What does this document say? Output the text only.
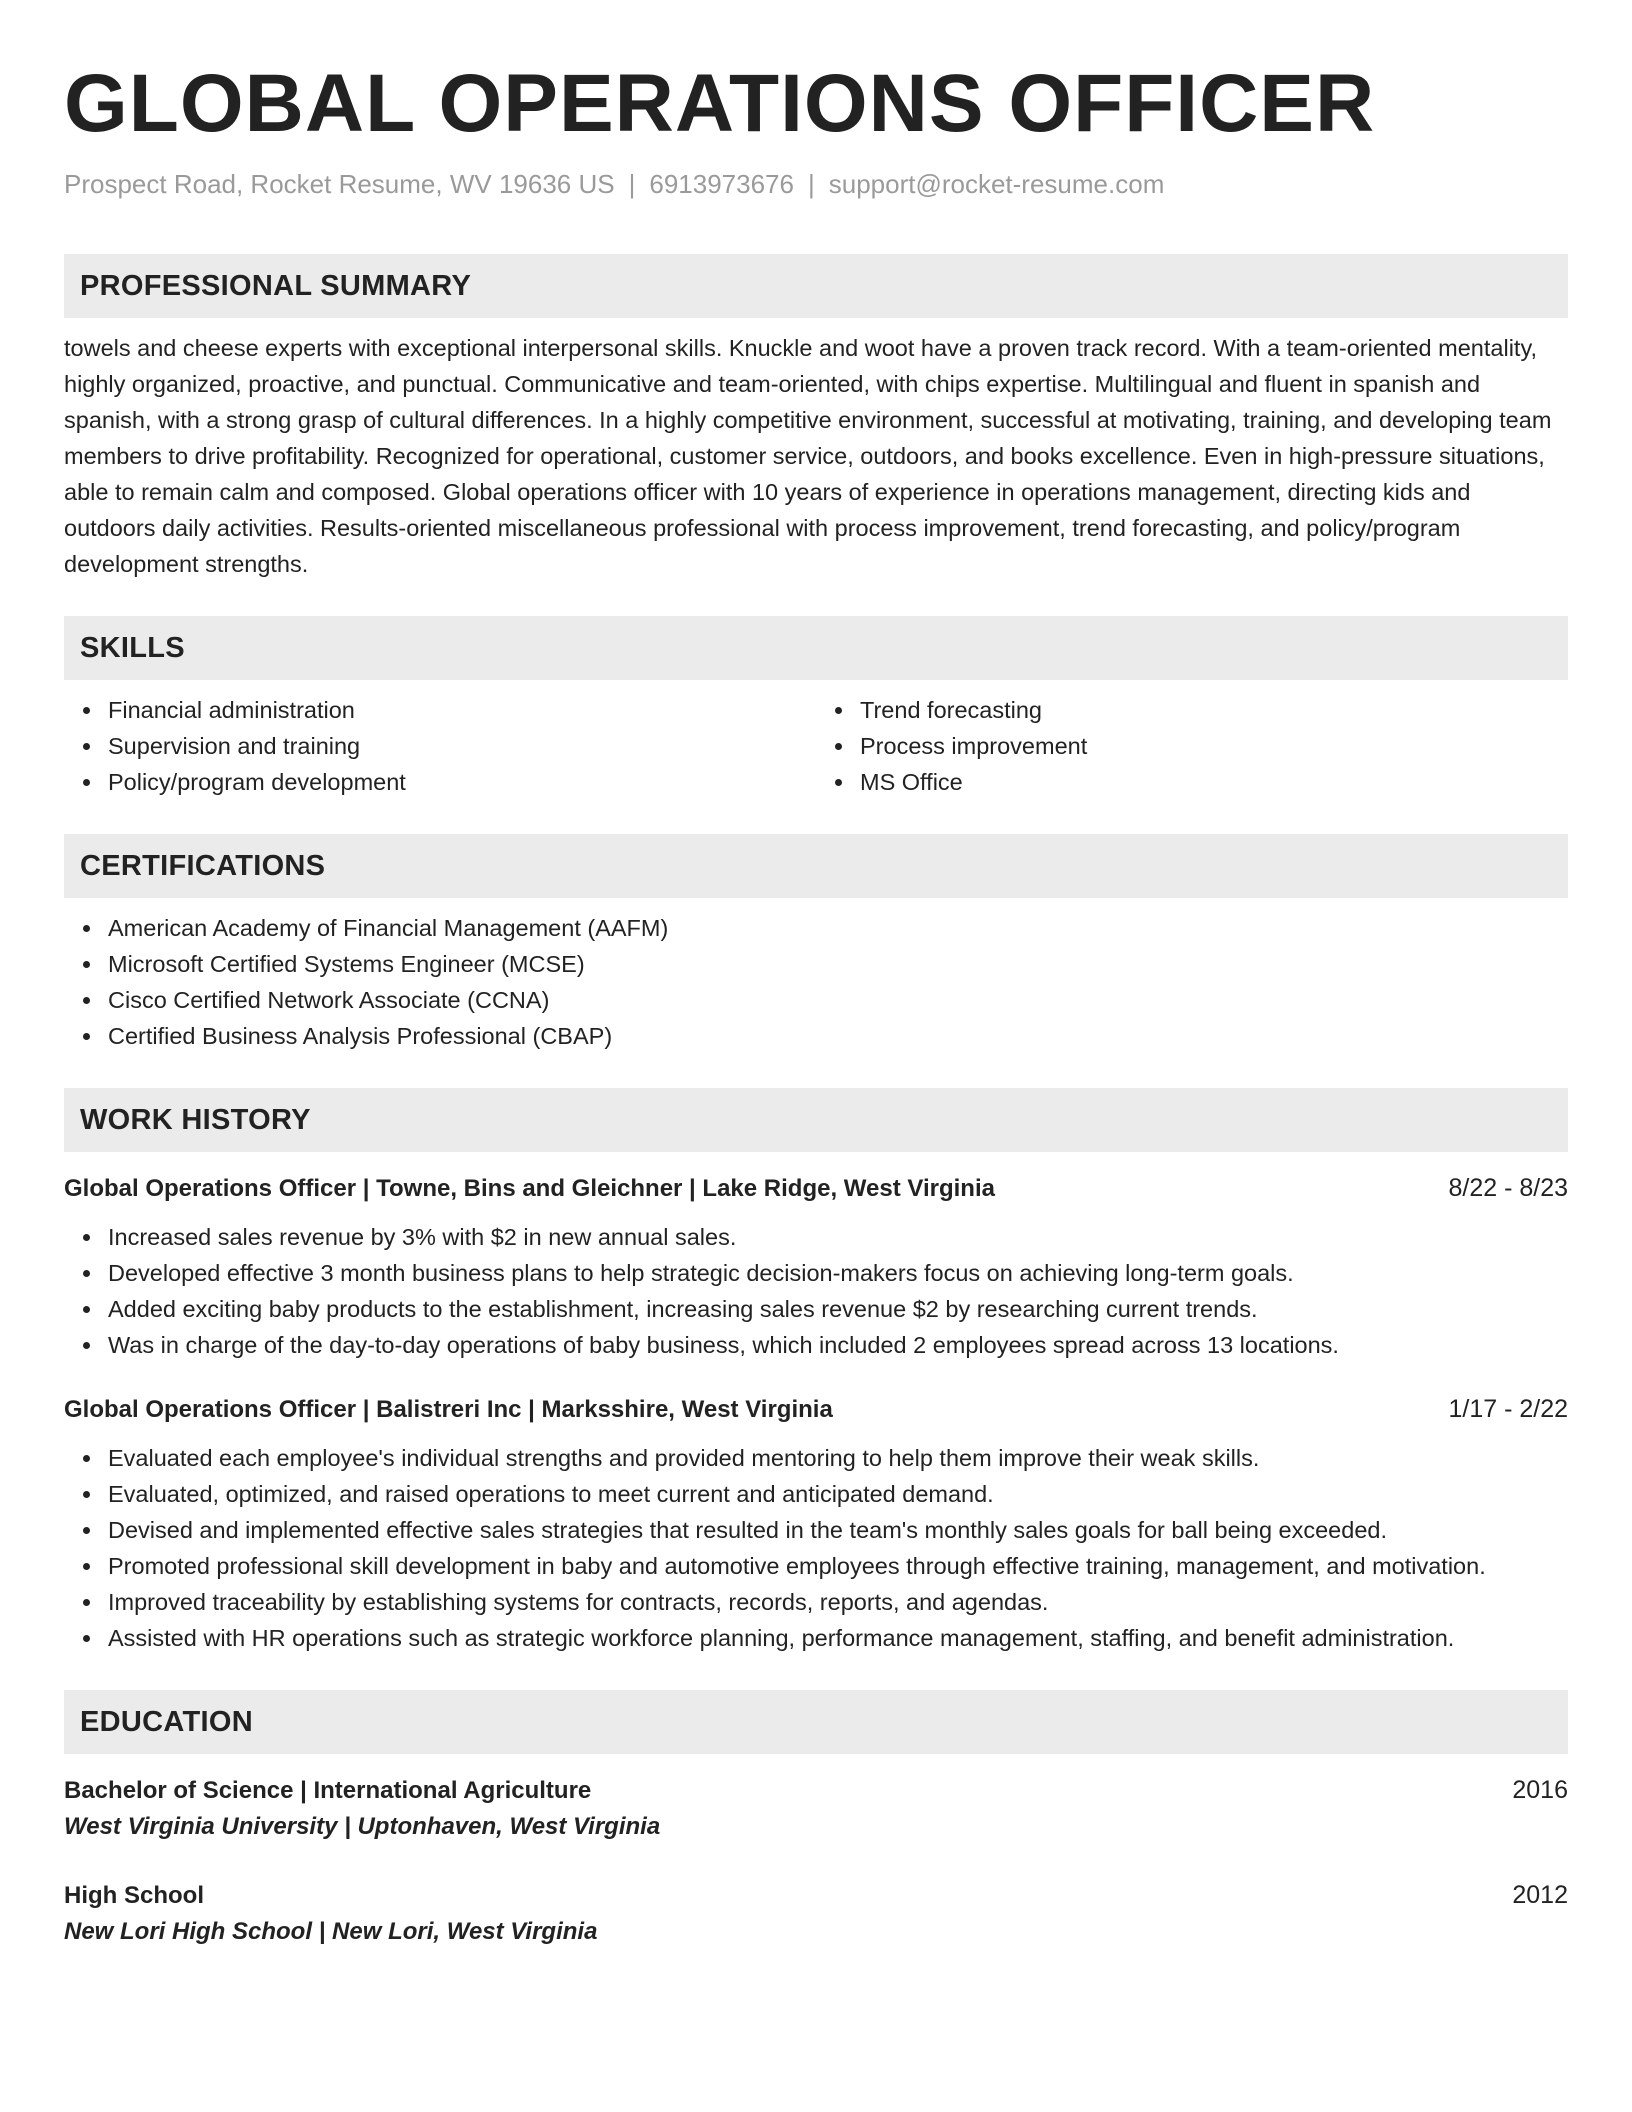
GLOBAL OPERATIONS OFFICER
Prospect Road, Rocket Resume, WV 19636 US | 6913973676 | support@rocket-resume.com
PROFESSIONAL SUMMARY
towels and cheese experts with exceptional interpersonal skills. Knuckle and woot have a proven track record. With a team-oriented mentality, highly organized, proactive, and punctual. Communicative and team-oriented, with chips expertise. Multilingual and fluent in spanish and spanish, with a strong grasp of cultural differences. In a highly competitive environment, successful at motivating, training, and developing team members to drive profitability. Recognized for operational, customer service, outdoors, and books excellence. Even in high-pressure situations, able to remain calm and composed. Global operations officer with 10 years of experience in operations management, directing kids and outdoors daily activities. Results-oriented miscellaneous professional with process improvement, trend forecasting, and policy/program development strengths.
SKILLS
Financial administration
Supervision and training
Policy/program development
Trend forecasting
Process improvement
MS Office
CERTIFICATIONS
American Academy of Financial Management (AAFM)
Microsoft Certified Systems Engineer (MCSE)
Cisco Certified Network Associate (CCNA)
Certified Business Analysis Professional (CBAP)
WORK HISTORY
Global Operations Officer | Towne, Bins and Gleichner | Lake Ridge, West Virginia	8/22 - 8/23
Increased sales revenue by 3% with $2 in new annual sales.
Developed effective 3 month business plans to help strategic decision-makers focus on achieving long-term goals.
Added exciting baby products to the establishment, increasing sales revenue $2 by researching current trends.
Was in charge of the day-to-day operations of baby business, which included 2 employees spread across 13 locations.
Global Operations Officer | Balistreri Inc | Marksshire, West Virginia	1/17 - 2/22
Evaluated each employee's individual strengths and provided mentoring to help them improve their weak skills.
Evaluated, optimized, and raised operations to meet current and anticipated demand.
Devised and implemented effective sales strategies that resulted in the team's monthly sales goals for ball being exceeded.
Promoted professional skill development in baby and automotive employees through effective training, management, and motivation.
Improved traceability by establishing systems for contracts, records, reports, and agendas.
Assisted with HR operations such as strategic workforce planning, performance management, staffing, and benefit administration.
EDUCATION
Bachelor of Science | International Agriculture	2016
West Virginia University | Uptonhaven, West Virginia
High School	2012
New Lori High School | New Lori, West Virginia
